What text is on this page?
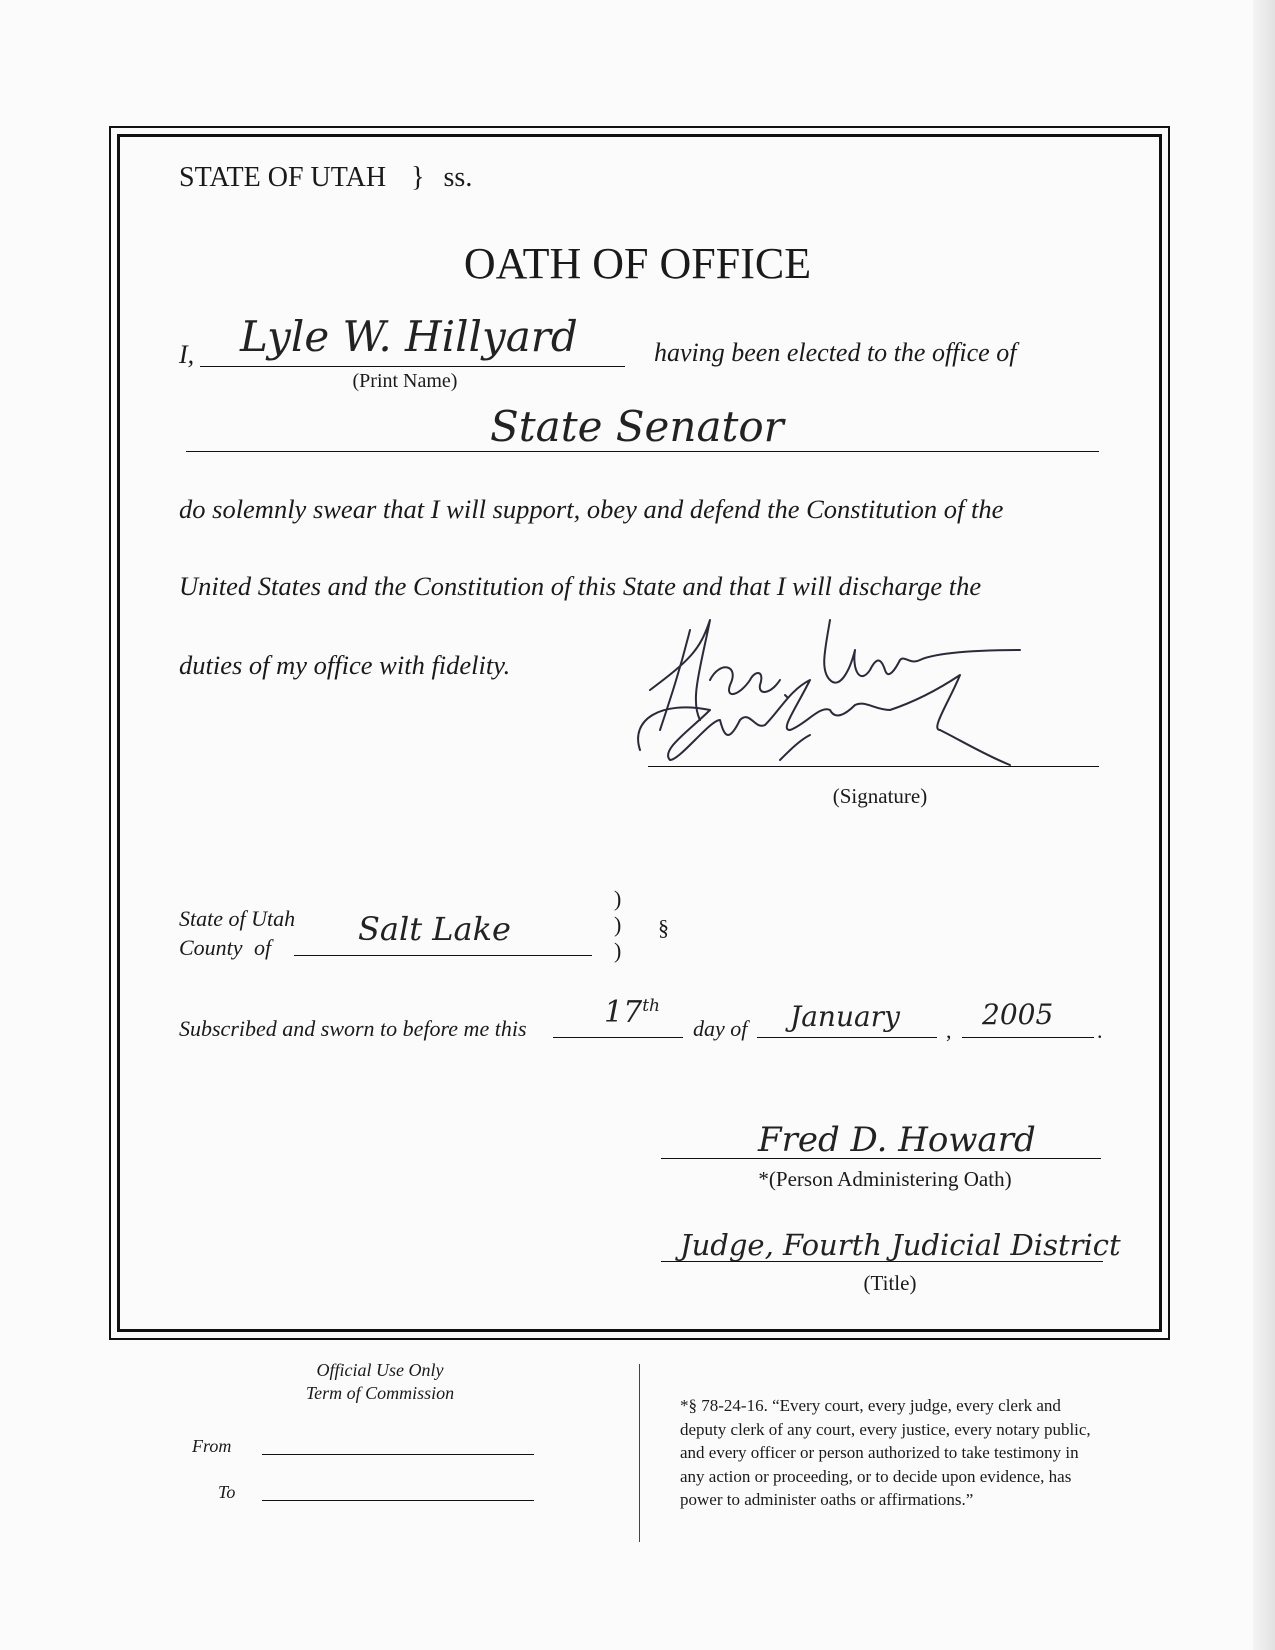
STATE OF UTAH } ss.
OATH OF OFFICE
I, Lyle W. Hillyard
(Print Name)
having been elected to the office of
State Senator
do solemnly swear that I will support, obey and defend the Constitution of the
United States and the Constitution of this State and that I will discharge the
duties of my office with fidelity.
(Signature)
State of Utah
County of	Salt Lake
)
)
)
§
Subscribed and sworn to before me this	17th
day of January , 2005 .
Fred D. Howard
*(Person Administering Oath)
Judge, Fourth Judicial District
(Title)
Official Use Only
Term of Commission
From
To
*§ 78-24-16. “Every court, every judge, every clerk and
deputy clerk of any court, every justice, every notary public,
and every officer or person authorized to take testimony in
any action or proceeding, or to decide upon evidence, has
power to administer oaths or affirmations.”
